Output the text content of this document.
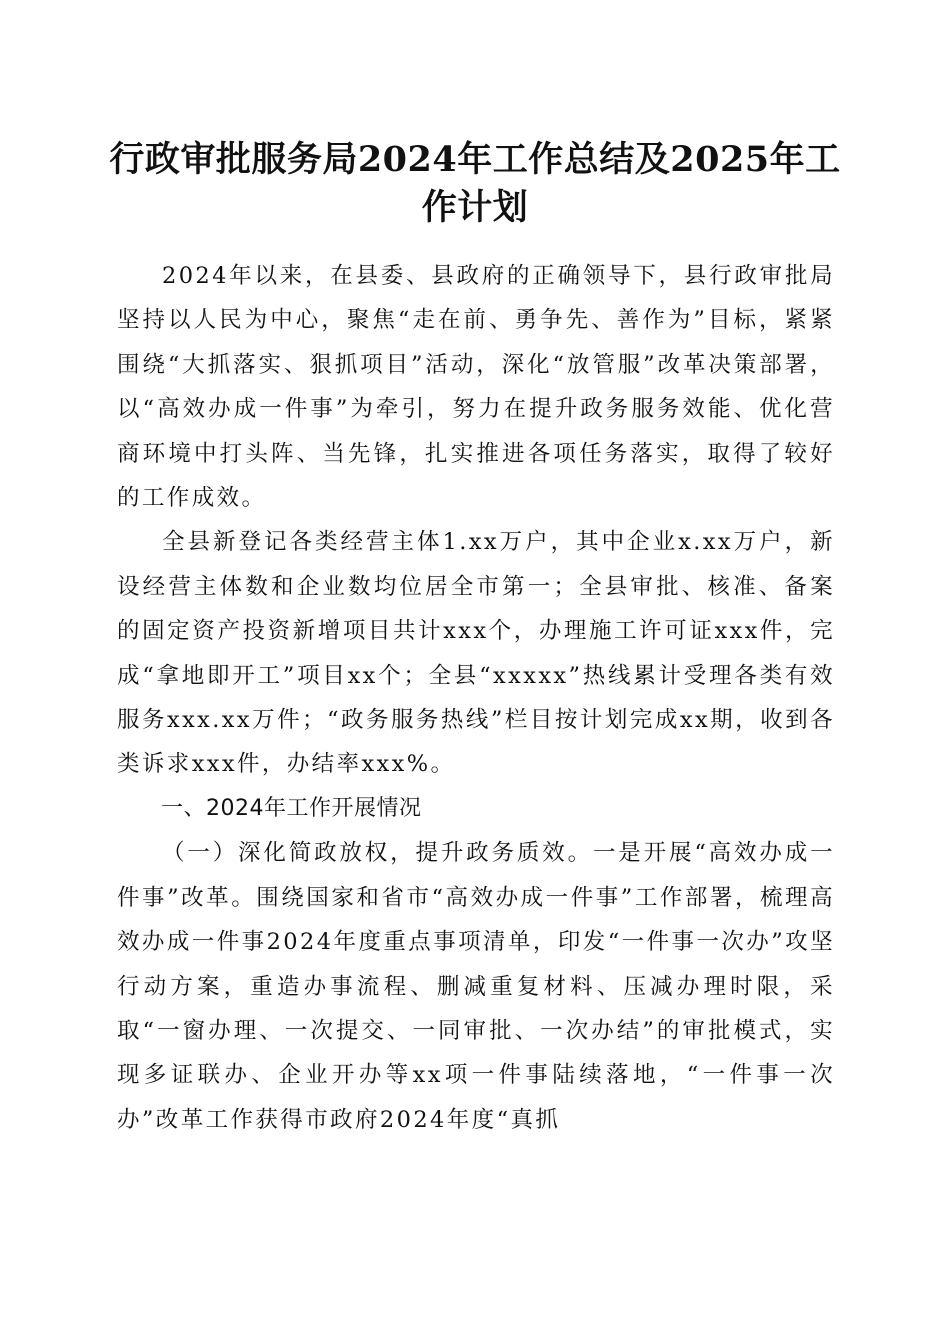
行政审批服务局2024年工作总结及2025年工作计划

2024年以来，在县委、县政府的正确领导下，县行政审批局坚持以人民为中心，聚焦“走在前、勇争先、善作为”目标，紧紧围绕“大抓落实、狠抓项目”活动，深化“放管服”改革决策部署，以“高效办成一件事”为牵引，努力在提升政务服务效能、优化营商环境中打头阵、当先锋，扎实推进各项任务落实，取得了较好的工作成效。

全县新登记各类经营主体1.xx万户，其中企业x.xx万户，新设经营主体数和企业数均位居全市第一；全县审批、核准、备案的固定资产投资新增项目共计xxx个，办理施工许可证xxx件，完成“拿地即开工”项目xx个；全县“xxxxx”热线累计受理各类有效服务xxx.xx万件；“政务服务热线”栏目按计划完成xx期，收到各类诉求xxx件，办结率xxx%。

一、2024年工作开展情况

（一）深化简政放权，提升政务质效。一是开展“高效办成一件事”改革。围绕国家和省市“高效办成一件事”工作部署，梳理高效办成一件事2024年度重点事项清单，印发“一件事一次办”攻坚行动方案，重造办事流程、删减重复材料、压减办理时限，采取“一窗办理、一次提交、一同审批、一次办结”的审批模式，实现多证联办、企业开办等xx项一件事陆续落地，“一件事一次办”改革工作获得市政府2024年度“真抓
